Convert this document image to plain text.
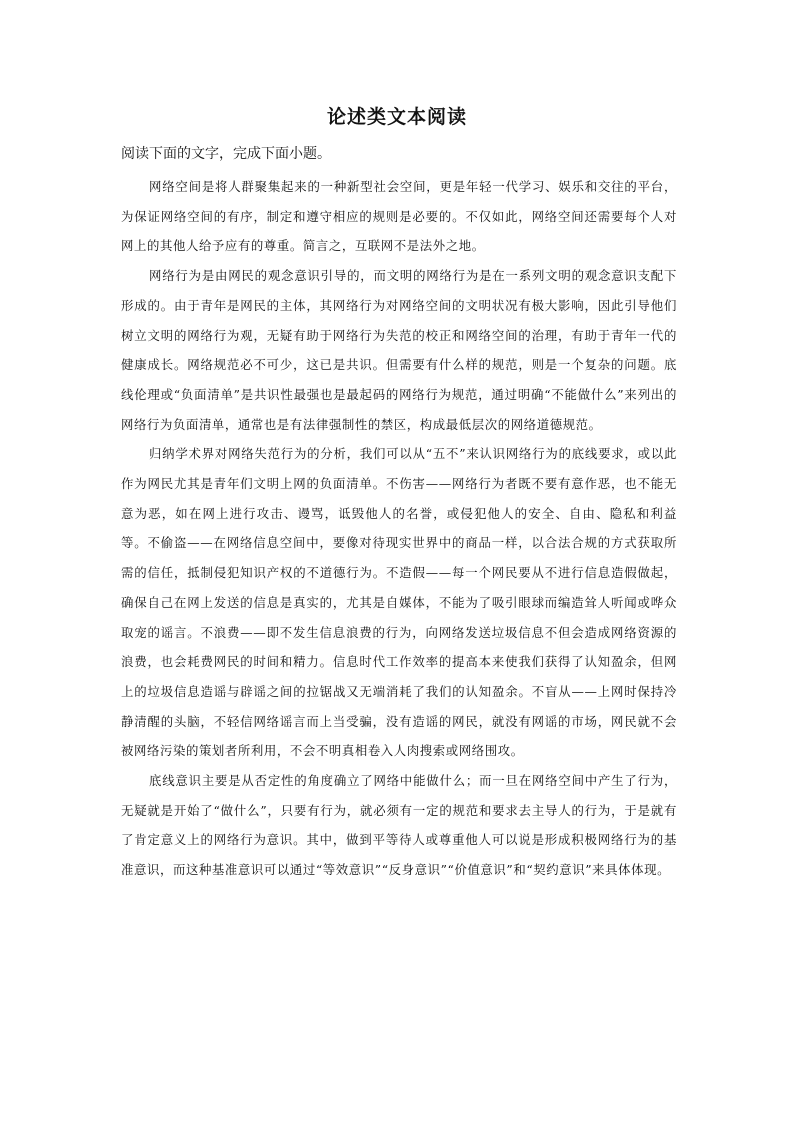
论述类文本阅读
阅读下面的文字，完成下面小题。

网络空间是将人群聚集起来的一种新型社会空间，更是年轻一代学习、娱乐和交往的平台，为保证网络空间的有序，制定和遵守相应的规则是必要的。不仅如此，网络空间还需要每个人对网上的其他人给予应有的尊重。简言之，互联网不是法外之地。

网络行为是由网民的观念意识引导的，而文明的网络行为是在一系列文明的观念意识支配下形成的。由于青年是网民的主体，其网络行为对网络空间的文明状况有极大影响，因此引导他们树立文明的网络行为观，无疑有助于网络行为失范的校正和网络空间的治理，有助于青年一代的健康成长。网络规范必不可少，这已是共识。但需要有什么样的规范，则是一个复杂的问题。底线伦理或“负面清单”是共识性最强也是最起码的网络行为规范，通过明确“不能做什么”来列出的网络行为负面清单，通常也是有法律强制性的禁区，构成最低层次的网络道德规范。

归纳学术界对网络失范行为的分析，我们可以从“五不”来认识网络行为的底线要求，或以此作为网民尤其是青年们文明上网的负面清单。不伤害——网络行为者既不要有意作恶，也不能无意为恶，如在网上进行攻击、谩骂，诋毁他人的名誉，或侵犯他人的安全、自由、隐私和利益等。不偷盗——在网络信息空间中，要像对待现实世界中的商品一样，以合法合规的方式获取所需的信任，抵制侵犯知识产权的不道德行为。不造假——每一个网民要从不进行信息造假做起，确保自己在网上发送的信息是真实的，尤其是自媒体，不能为了吸引眼球而编造耸人听闻或哗众取宠的谣言。不浪费——即不发生信息浪费的行为，向网络发送垃圾信息不但会造成网络资源的浪费，也会耗费网民的时间和精力。信息时代工作效率的提高本来使我们获得了认知盈余，但网上的垃圾信息造谣与辟谣之间的拉锯战又无端消耗了我们的认知盈余。不盲从——上网时保持冷静清醒的头脑，不轻信网络谣言而上当受骗，没有造谣的网民，就没有网谣的市场，网民就不会被网络污染的策划者所利用，不会不明真相卷入人肉搜索或网络围攻。

底线意识主要是从否定性的角度确立了网络中能做什么；而一旦在网络空间中产生了行为，无疑就是开始了“做什么”，只要有行为，就必须有一定的规范和要求去主导人的行为，于是就有了肯定意义上的网络行为意识。其中，做到平等待人或尊重他人可以说是形成积极网络行为的基准意识，而这种基准意识可以通过“等效意识”“反身意识”“价值意识”和“契约意识”来具体体现。
